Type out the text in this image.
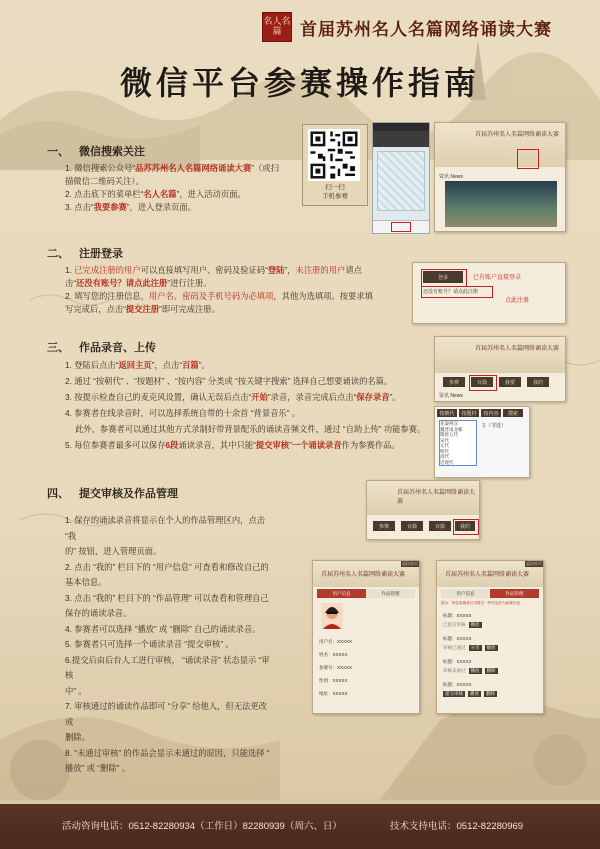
名人名篇	首届苏州名人名篇网络诵读大赛
微信平台参赛操作指南
一、 微信搜索关注
1. 微信搜索公众号“品苏苏州名人名篇网络诵读大赛”（或扫
描微信二维码关注）。
2. 点击底下的菜单栏“名人名篇”，进入活动页面。
3. 点击“我要参赛”，进入登录页面。
扫一扫
手机参赛
首届苏州名人名篇网络诵读大赛
资讯 News
二、 注册登录
1. 已完成注册的用户可以直接填写用户、密码及验证码“登陆”，未注册的用户请点
击“还没有账号？请点此注册”进行注册。
2. 填写您的注册信息，用户名、密码及手机号码为必填项，其他为选填项。按要求填
写完成后，点击“提交注册”即可完成注册。
登录	已有账户直接登录
还没有账号？请点此注册
点此注册
三、 作品录音、上传
1. 登陆后点击“返回主页”，点击“百篇”。
2. 通过 “按朝代” 、“按题材” 、“按内容” 分类或 “按关键字搜索” 选择自己想要诵读的名篇。
3. 按提示检查自己的麦克风设置，确认无误后点击“开始”录音，录音完成后点击“保存录音”。
4. 参赛者在线录音时，可以选择系统自带的十余首 “背景音乐” 。
此外，参赛者可以通过其他方式录制好带背景配乐的诵读音频文件，通过 “自助上传” 功能参赛。
5. 每位参赛者最多可以保存6段诵读录音，其中只能“提交审核”一个诵读录音作为参赛作品。
首届苏州名人名篇网络诵读大赛
参赛	百篇	我要	我的
资讯 News
按朝代	按题材	按内容	搜索
先秦两汉
魏晋南北朝
隋唐五代
宋代
元代
明代
清代
近现代
文（节选）
四、 提交审核及作品管理
1. 保存的诵读录音将显示在个人的作品管理区内，点击 “我
的” 按钮，进入管理页面。
2. 点击 “我的” 栏目下的 “用户信息” 可查看和修改自己的
基本信息。
3. 点击 “我的” 栏目下的 “作品管理” 可以查看和管理自己
保存的诵读录音。
4. 参赛者可以选择 “播放” 或 “删除” 自己的诵读录音。
5. 参赛者只可选择一个诵读录音 “提交审核” 。
6.提交后由后台人工进行审核， “诵读录音” 状态显示 “审核
中” 。
7. 审核通过的诵读作品即可 “分享” 给他人，但无法更改或
删除。
8. “未通过审核” 的作品会显示未通过的原因，只能选择 “
播放” 或 “删除” 。
首届苏州名人名篇网络诵读大赛
参赛	百篇	百篇	我的
首届苏州名人名篇网络诵读大赛
返回首页
用户信息	作品管理
用户名：XXXXX
姓名：XXXXX
参赛号：XXXXX
性别：XXXXX
地址：XXXXX
首届苏州名人名篇网络诵读大赛
返回首页
用户信息	作品管理
提示：每位参赛者仅可提交一件作品作为参赛作品
标题：XXXXX
已提交审核	播放
标题：XXXXX
审核已通过	分享	播放
标题：XXXXX
审核未通过	播放	删除
标题：XXXXX
提交审核	播放	删除
活动咨询电话：0512-82280934（工作日）82280939（周六、日）	技术支持电话：0512-82280969
